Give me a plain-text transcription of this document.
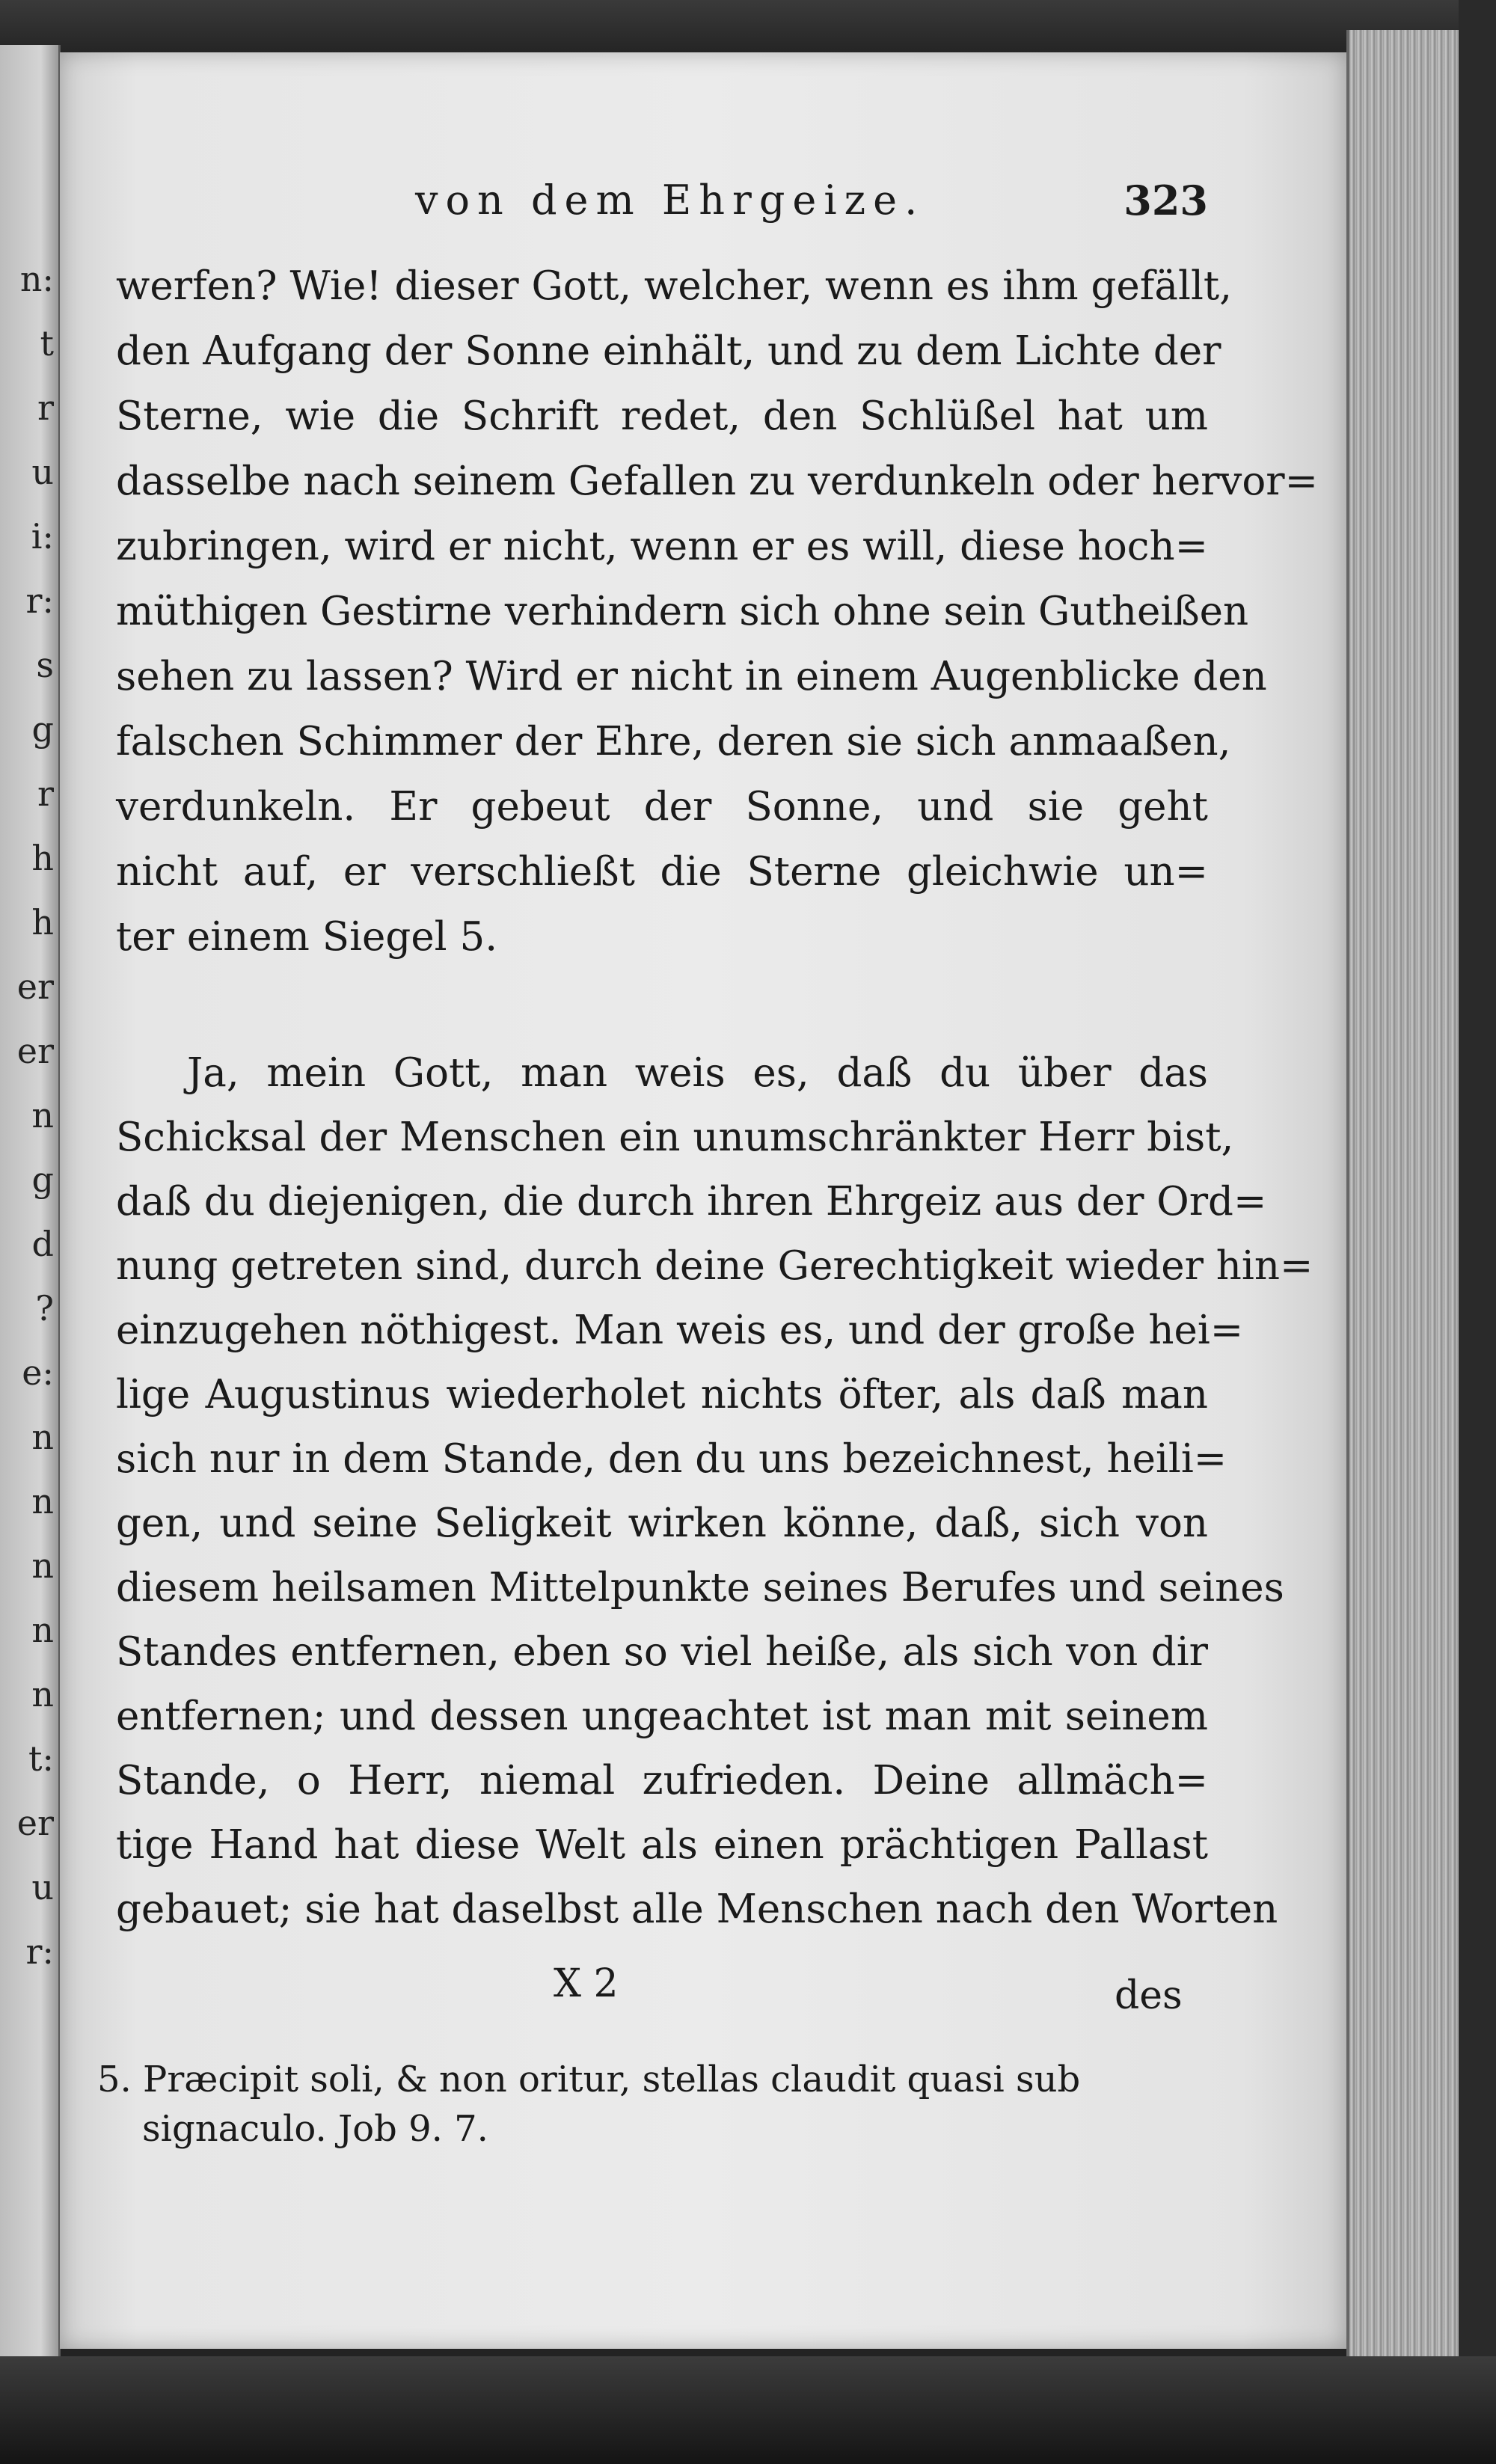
n:
t
r
u
i:
r:
s
g
r
h
h
er
er
n
g
d
?
e:
n
n
n
n
n
t:
er
u
r:
von dem Ehrgeize.	323
werfen? Wie! dieser Gott, welcher, wenn es ihm gefällt,
den Aufgang der Sonne einhält, und zu dem Lichte der
Sterne, wie die Schrift redet, den Schlüßel hat um
dasselbe nach seinem Gefallen zu verdunkeln oder hervor=
zubringen, wird er nicht, wenn er es will, diese hoch=
müthigen Gestirne verhindern sich ohne sein Gutheißen
sehen zu lassen? Wird er nicht in einem Augenblicke den
falschen Schimmer der Ehre, deren sie sich anmaaßen,
verdunkeln. Er gebeut der Sonne, und sie geht
nicht auf, er verschließt die Sterne gleichwie un=
ter einem Siegel 5.
Ja, mein Gott, man weis es, daß du über das
Schicksal der Menschen ein unumschränkter Herr bist,
daß du diejenigen, die durch ihren Ehrgeiz aus der Ord=
nung getreten sind, durch deine Gerechtigkeit wieder hin=
einzugehen nöthigest. Man weis es, und der große hei=
lige Augustinus wiederholet nichts öfter, als daß man
sich nur in dem Stande, den du uns bezeichnest, heili=
gen, und seine Seligkeit wirken könne, daß, sich von
diesem heilsamen Mittelpunkte seines Berufes und seines
Standes entfernen, eben so viel heiße, als sich von dir
entfernen; und dessen ungeachtet ist man mit seinem
Stande, o Herr, niemal zufrieden. Deine allmäch=
tige Hand hat diese Welt als einen prächtigen Pallast
gebauet; sie hat daselbst alle Menschen nach den Worten
X 2	des
5. Præcipit soli, & non oritur, stellas claudit quasi sub
signaculo. Job 9. 7.
